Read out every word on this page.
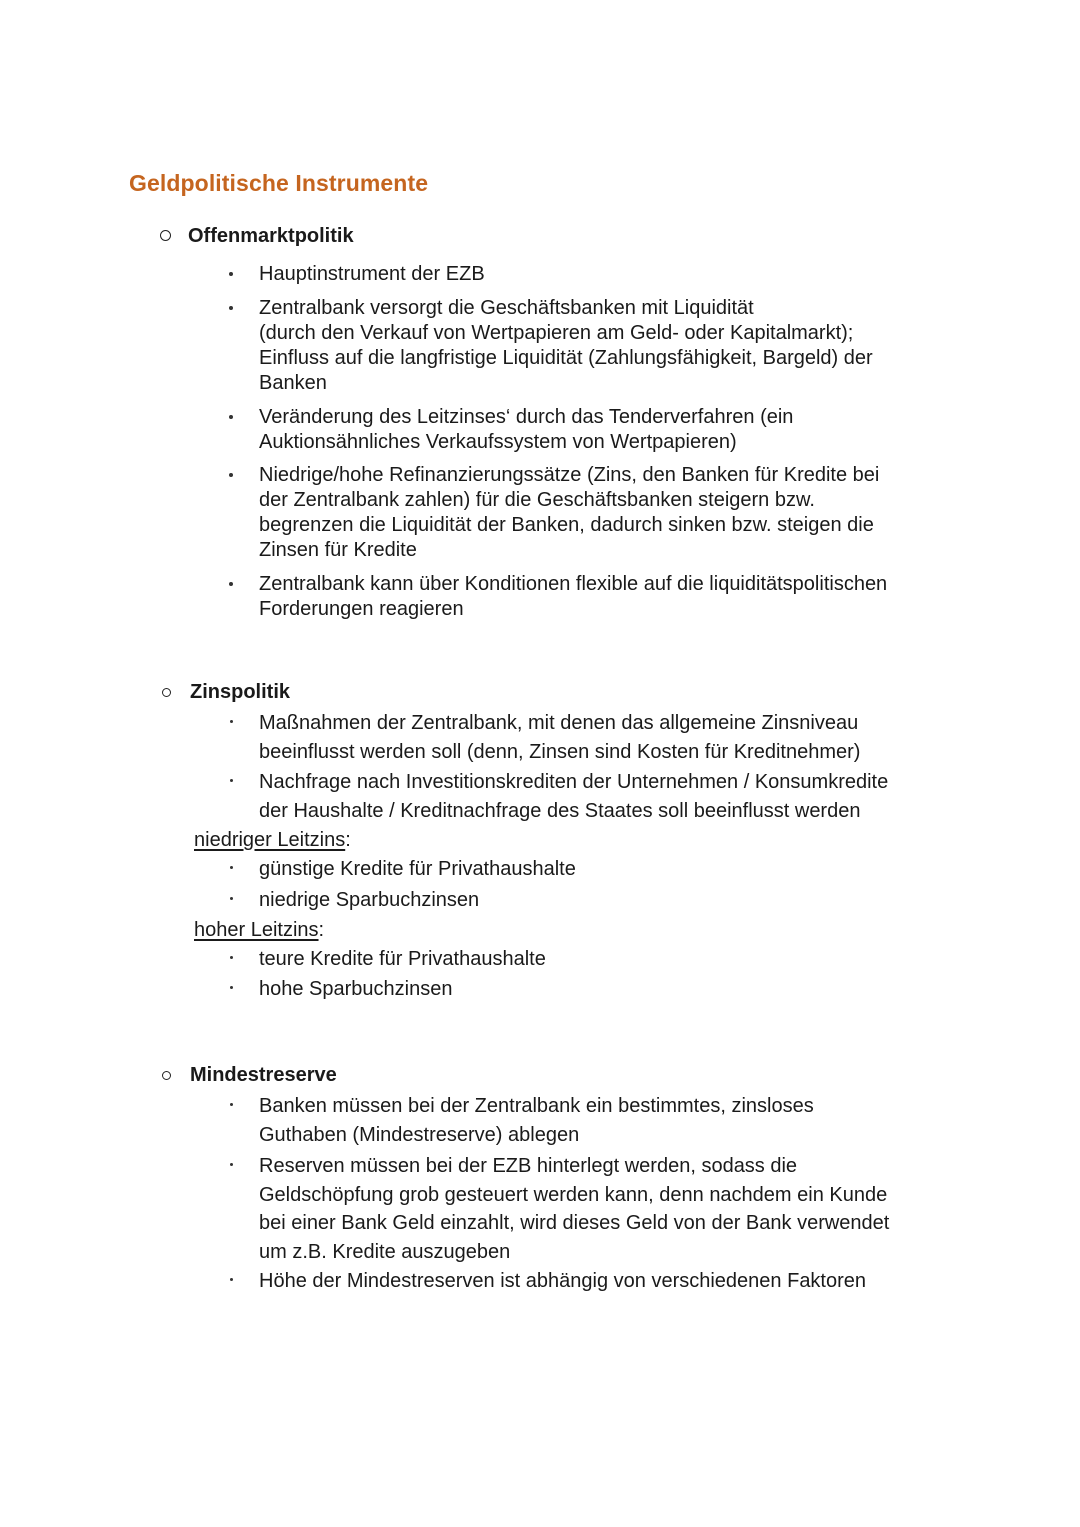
Geldpolitische Instrumente
Offenmarktpolitik
Hauptinstrument der EZB
Zentralbank versorgt die Geschäftsbanken mit Liquidität
(durch den Verkauf von Wertpapieren am Geld- oder Kapitalmarkt);
Einfluss auf die langfristige Liquidität (Zahlungsfähigkeit, Bargeld) der
Banken
Veränderung des Leitzinses‘ durch das Tenderverfahren (ein
Auktionsähnliches Verkaufssystem von Wertpapieren)
Niedrige/hohe Refinanzierungssätze (Zins, den Banken für Kredite bei
der Zentralbank zahlen) für die Geschäftsbanken steigern bzw.
begrenzen die Liquidität der Banken, dadurch sinken bzw. steigen die
Zinsen für Kredite
Zentralbank kann über Konditionen flexible auf die liquiditätspolitischen
Forderungen reagieren
Zinspolitik
Maßnahmen der Zentralbank, mit denen das allgemeine Zinsniveau
beeinflusst werden soll (denn, Zinsen sind Kosten für Kreditnehmer)
Nachfrage nach Investitionskrediten der Unternehmen / Konsumkredite
der Haushalte / Kreditnachfrage des Staates soll beeinflusst werden
niedriger Leitzins:
günstige Kredite für Privathaushalte
niedrige Sparbuchzinsen
hoher Leitzins:
teure Kredite für Privathaushalte
hohe Sparbuchzinsen
Mindestreserve
Banken müssen bei der Zentralbank ein bestimmtes, zinsloses
Guthaben (Mindestreserve) ablegen
Reserven müssen bei der EZB hinterlegt werden, sodass die
Geldschöpfung grob gesteuert werden kann, denn nachdem ein Kunde
bei einer Bank Geld einzahlt, wird dieses Geld von der Bank verwendet
um z.B. Kredite auszugeben
Höhe der Mindestreserven ist abhängig von verschiedenen Faktoren
